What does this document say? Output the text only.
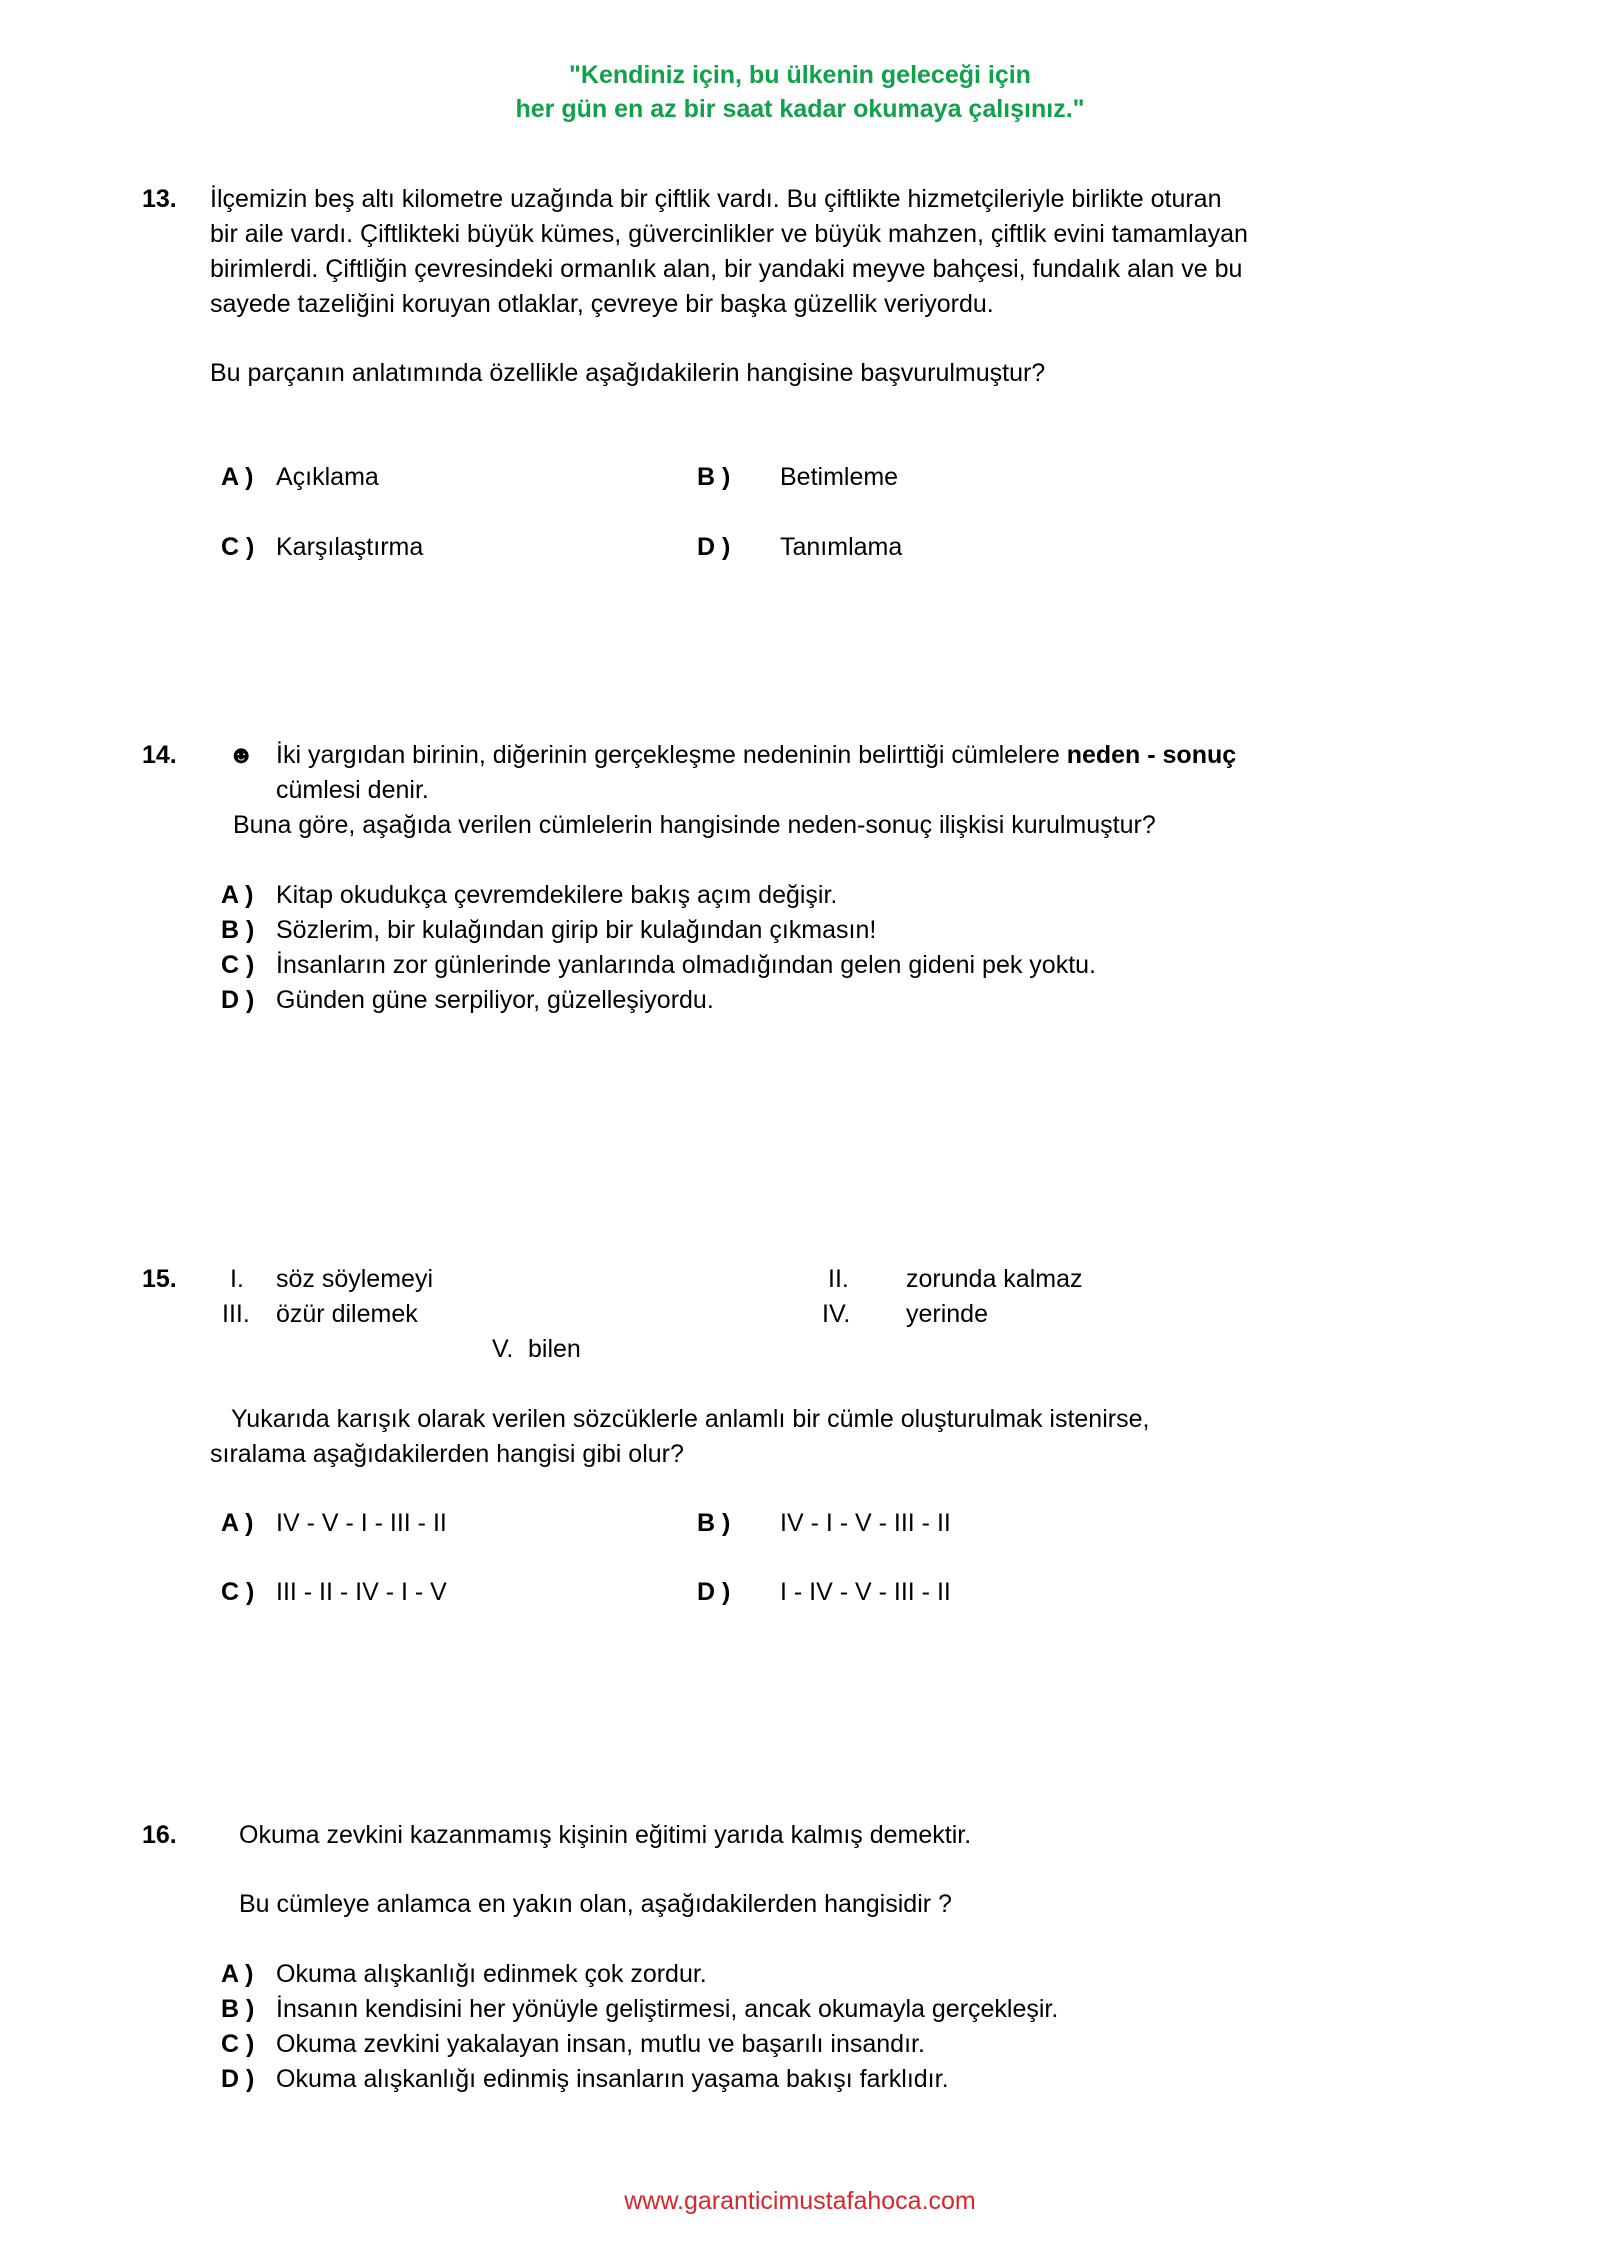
"Kendiniz için, bu ülkenin geleceği için
her gün en az bir saat kadar okumaya çalışınız."
13. İlçemizin beş altı kilometre uzağında bir çiftlik vardı. Bu çiftlikte hizmetçileriyle birlikte oturan
bir aile vardı. Çiftlikteki büyük kümes, güvercinlikler ve büyük mahzen, çiftlik evini tamamlayan
birimlerdi. Çiftliğin çevresindeki ormanlık alan, bir yandaki meyve bahçesi, fundalık alan ve bu
sayede tazeliğini koruyan otlaklar, çevreye bir başka güzellik veriyordu.
Bu parçanın anlatımında özellikle aşağıdakilerin hangisine başvurulmuştur?
A ) Açıklama	B ) Betimleme
C ) Karşılaştırma	D ) Tanımlama
14. ☻ İki yargıdan birinin, diğerinin gerçekleşme nedeninin belirttiği cümlelere neden - sonuç
cümlesi denir.
Buna göre, aşağıda verilen cümlelerin hangisinde neden-sonuç ilişkisi kurulmuştur?
A ) Kitap okudukça çevremdekilere bakış açım değişir.
B ) Sözlerim, bir kulağından girip bir kulağından çıkmasın!
C ) İnsanların zor günlerinde yanlarında olmadığından gelen gideni pek yoktu.
D ) Günden güne serpiliyor, güzelleşiyordu.
15. I. söz söylemeyi	II. zorunda kalmaz
III. özür dilemek	IV. yerinde
V. bilen
Yukarıda karışık olarak verilen sözcüklerle anlamlı bir cümle oluşturulmak istenirse,
sıralama aşağıdakilerden hangisi gibi olur?
A ) IV - V - I - III - II	B ) IV - I - V - III - II
C ) III - II - IV - I - V	D ) I - IV - V - III - II
16. Okuma zevkini kazanmamış kişinin eğitimi yarıda kalmış demektir.
Bu cümleye anlamca en yakın olan, aşağıdakilerden hangisidir ?
A ) Okuma alışkanlığı edinmek çok zordur.
B ) İnsanın kendisini her yönüyle geliştirmesi, ancak okumayla gerçekleşir.
C ) Okuma zevkini yakalayan insan, mutlu ve başarılı insandır.
D ) Okuma alışkanlığı edinmiş insanların yaşama bakışı farklıdır.
www.garanticimustafahoca.com
